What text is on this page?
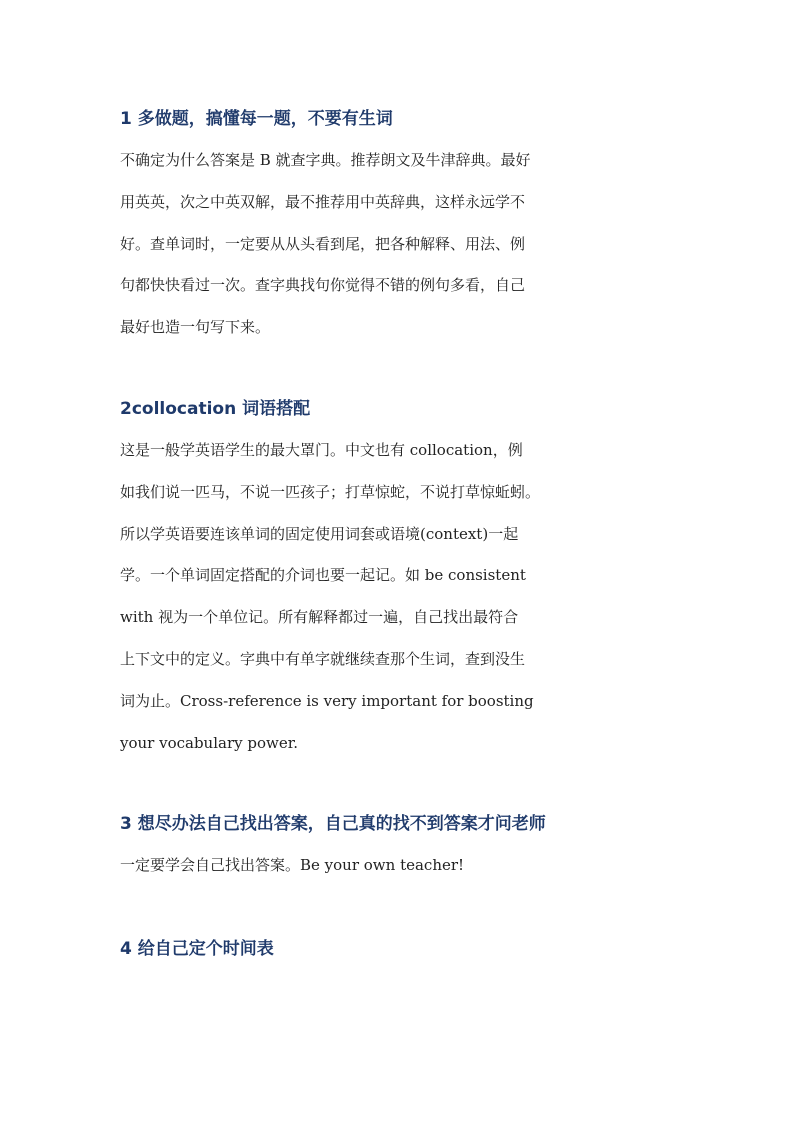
1 多做题，搞懂每一题，不要有生词

不确定为什么答案是 B 就查字典。推荐朗文及牛津辞典。最好
用英英，次之中英双解，最不推荐用中英辞典，这样永远学不
好。查单词时，一定要从从头看到尾，把各种解释、用法、例
句都快快看过一次。查字典找句你觉得不错的例句多看，自己
最好也造一句写下来。

2collocation 词语搭配

这是一般学英语学生的最大罩门。中文也有 collocation，例
如我们说一匹马，不说一匹孩子；打草惊蛇，不说打草惊蚯蚓。
所以学英语要连该单词的固定使用词套或语境(context)一起
学。一个单词固定搭配的介词也要一起记。如 be consistent
with 视为一个单位记。所有解释都过一遍，自己找出最符合
上下文中的定义。字典中有单字就继续查那个生词，查到没生
词为止。Cross-reference is very important for boosting
your vocabulary power.

3 想尽办法自己找出答案，自己真的找不到答案才问老师

一定要学会自己找出答案。Be your own teacher!

4 给自己定个时间表
